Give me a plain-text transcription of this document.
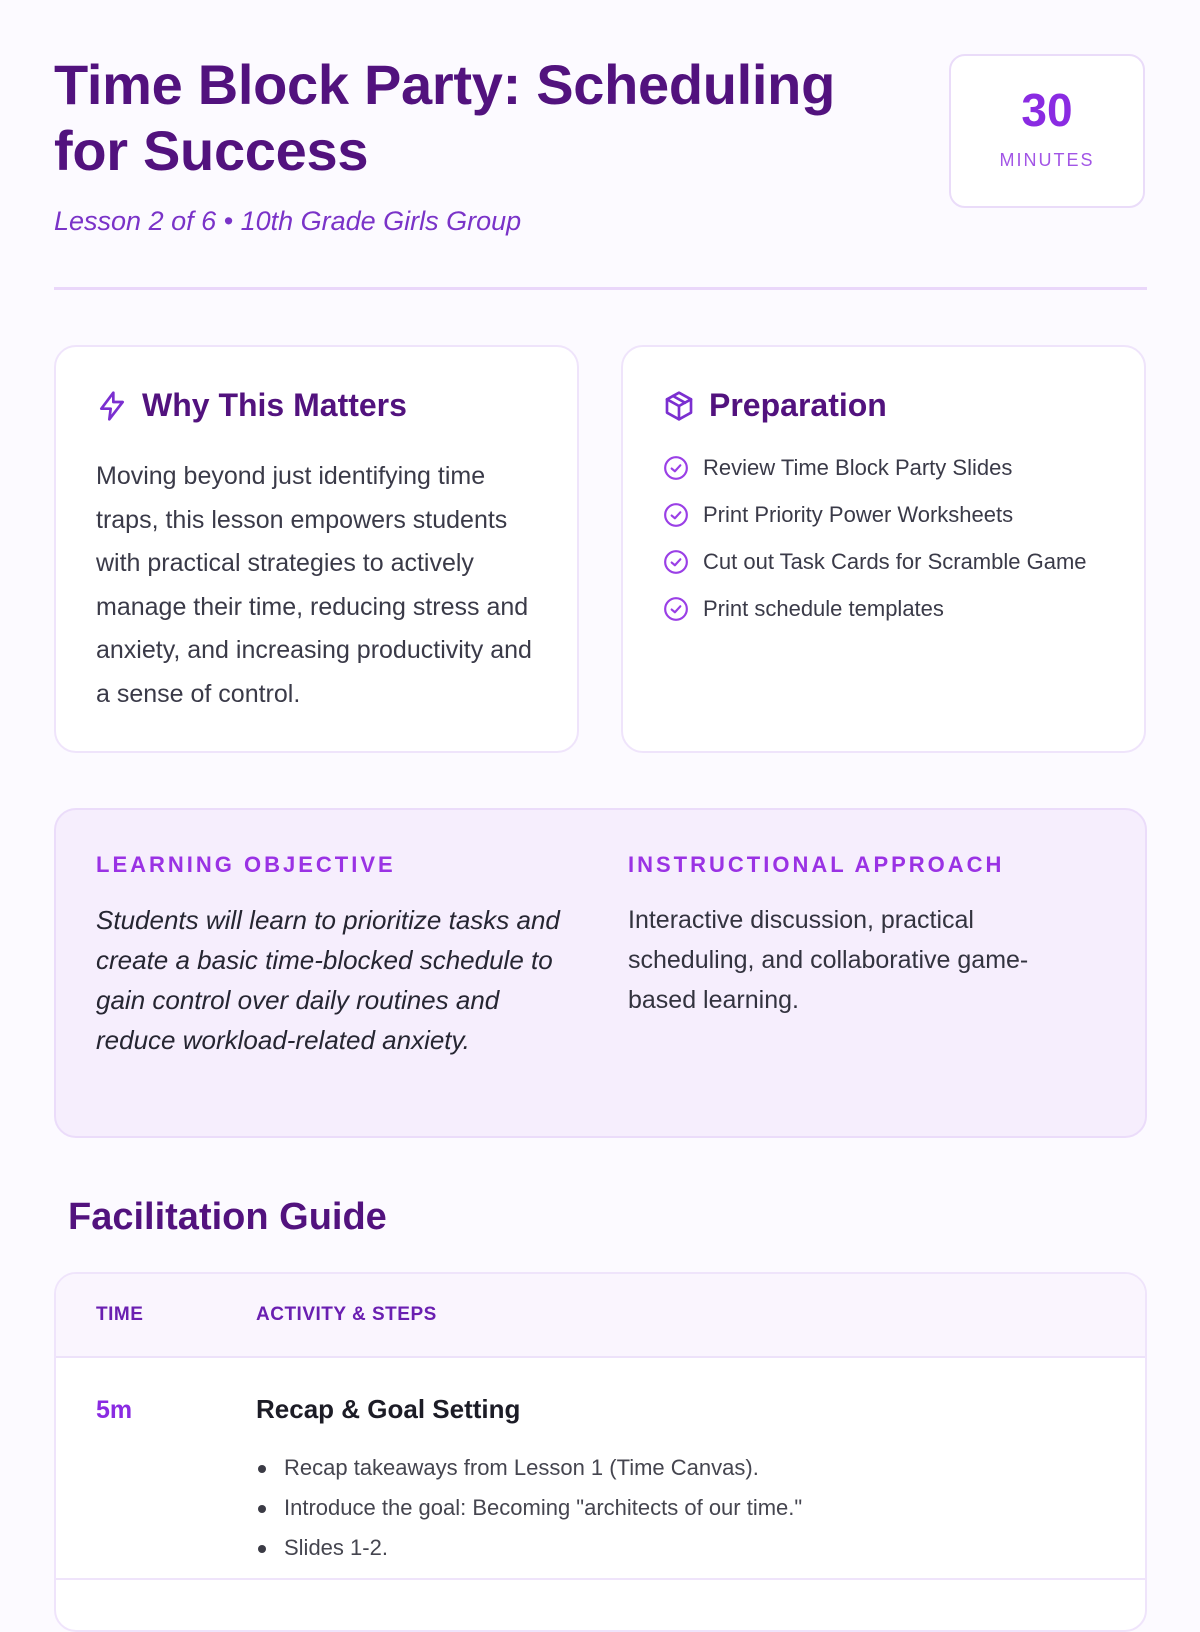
Time Block Party: Scheduling for Success

Lesson 2 of 6 • 10th Grade Girls Group

30
MINUTES
Why This Matters

Moving beyond just identifying time traps, this lesson empowers students with practical strategies to actively manage their time, reducing stress and anxiety, and increasing productivity and a sense of control.

Preparation
Review Time Block Party Slides
Print Priority Power Worksheets
Cut out Task Cards for Scramble Game
Print schedule templates

LEARNING OBJECTIVE

Students will learn to prioritize tasks and create a basic time-blocked schedule to gain control over daily routines and reduce workload-related anxiety.

INSTRUCTIONAL APPROACH

Interactive discussion, practical scheduling, and collaborative game-based learning.

Facilitation Guide
TIME	ACTIVITY & STEPS
5m	Recap & Goal Setting
Recap takeaways from Lesson 1 (Time Canvas).
Introduce the goal: Becoming "architects of our time."
Slides 1-2.
